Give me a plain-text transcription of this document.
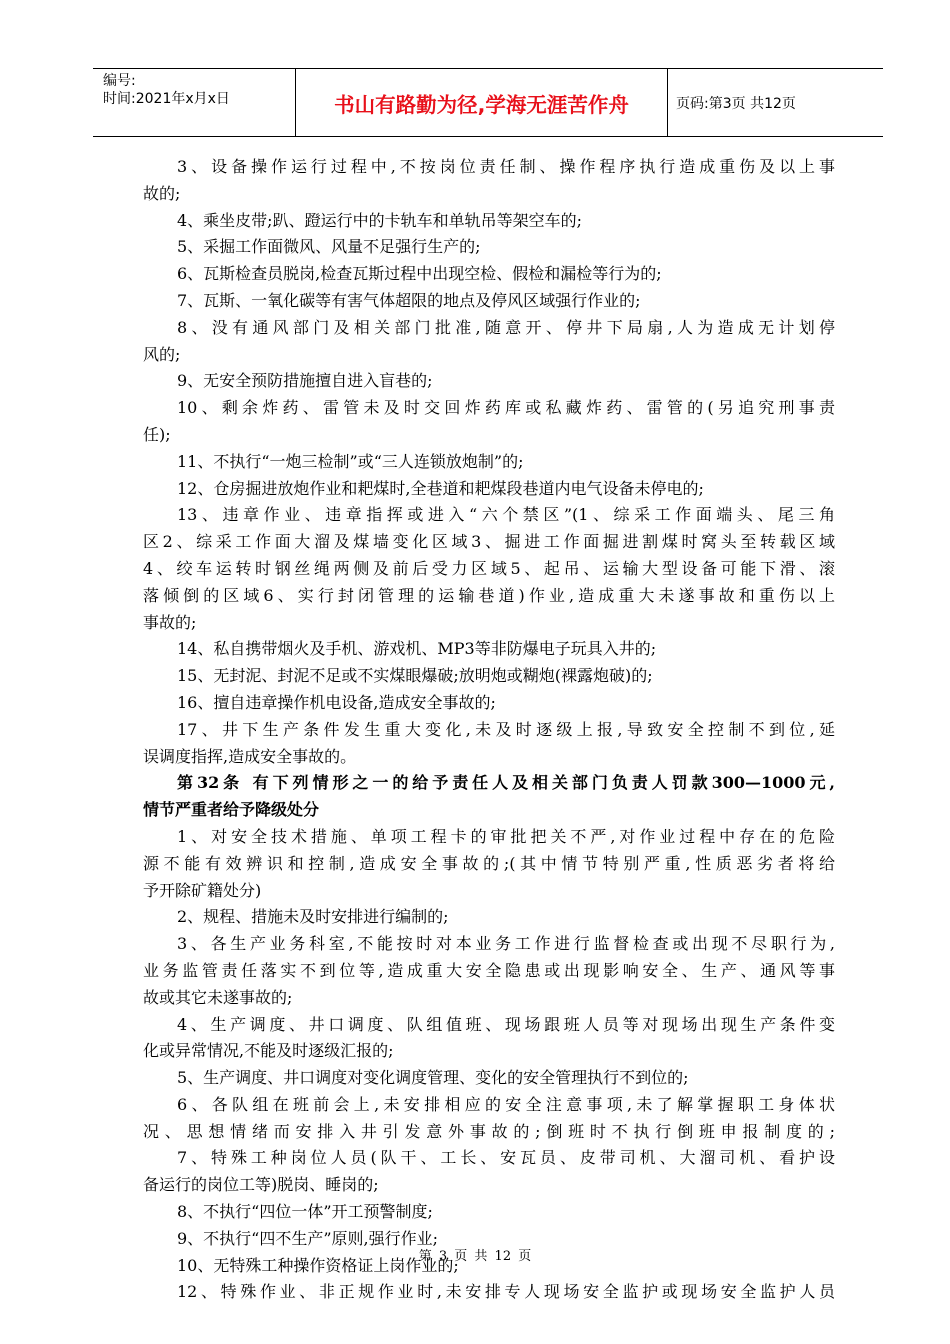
编号:
时间:2021年x月x日	书山有路勤为径,学海无涯苦作舟	页码:第3页 共12页
3、设备操作运行过程中,不按岗位责任制、操作程序执行造成重伤及以上事
故的;
4、乘坐皮带;趴、蹬运行中的卡轨车和单轨吊等架空车的;
5、采掘工作面微风、风量不足强行生产的;
6、瓦斯检查员脱岗,检查瓦斯过程中出现空检、假检和漏检等行为的;
7、瓦斯、一氧化碳等有害气体超限的地点及停风区域强行作业的;
8、没有通风部门及相关部门批准,随意开、停井下局扇,人为造成无计划停
风的;
9、无安全预防措施擅自进入盲巷的;
10、剩余炸药、雷管未及时交回炸药库或私藏炸药、雷管的(另追究刑事责
任);
11、不执行“一炮三检制”或“三人连锁放炮制”的;
12、仓房掘进放炮作业和耙煤时,全巷道和耙煤段巷道内电气设备未停电的;
13、违章作业、违章指挥或进入“六个禁区”(1、综采工作面端头、尾三角
区2、综采工作面大溜及煤墙变化区域3、掘进工作面掘进割煤时窝头至转载区域
4、绞车运转时钢丝绳两侧及前后受力区域5、起吊、运输大型设备可能下滑、滚
落倾倒的区域6、实行封闭管理的运输巷道)作业,造成重大未遂事故和重伤以上
事故的;
14、私自携带烟火及手机、游戏机、MP3等非防爆电子玩具入井的;
15、无封泥、封泥不足或不实煤眼爆破;放明炮或糊炮(裸露炮破)的;
16、擅自违章操作机电设备,造成安全事故的;
17、井下生产条件发生重大变化,未及时逐级上报,导致安全控制不到位,延
误调度指挥,造成安全事故的。
第32条 有下列情形之一的给予责任人及相关部门负责人罚款300—1000元,
情节严重者给予降级处分
1、对安全技术措施、单项工程卡的审批把关不严,对作业过程中存在的危险
源不能有效辨识和控制,造成安全事故的;(其中情节特别严重,性质恶劣者将给
予开除矿籍处分)
2、规程、措施未及时安排进行编制的;
3、各生产业务科室,不能按时对本业务工作进行监督检查或出现不尽职行为,
业务监管责任落实不到位等,造成重大安全隐患或出现影响安全、生产、通风等事
故或其它未遂事故的;
4、生产调度、井口调度、队组值班、现场跟班人员等对现场出现生产条件变
化或异常情况,不能及时逐级汇报的;
5、生产调度、井口调度对变化调度管理、变化的安全管理执行不到位的;
6、各队组在班前会上,未安排相应的安全注意事项,未了解掌握职工身体状
况、思想情绪而安排入井引发意外事故的;倒班时不执行倒班申报制度的;
7、特殊工种岗位人员(队干、工长、安瓦员、皮带司机、大溜司机、看护设
备运行的岗位工等)脱岗、睡岗的;
8、不执行“四位一体”开工预警制度;
9、不执行“四不生产”原则,强行作业;
10、无特殊工种操作资格证上岗作业的;
12、特殊作业、非正规作业时,未安排专人现场安全监护或现场安全监护人员
第 3 页 共 12 页
